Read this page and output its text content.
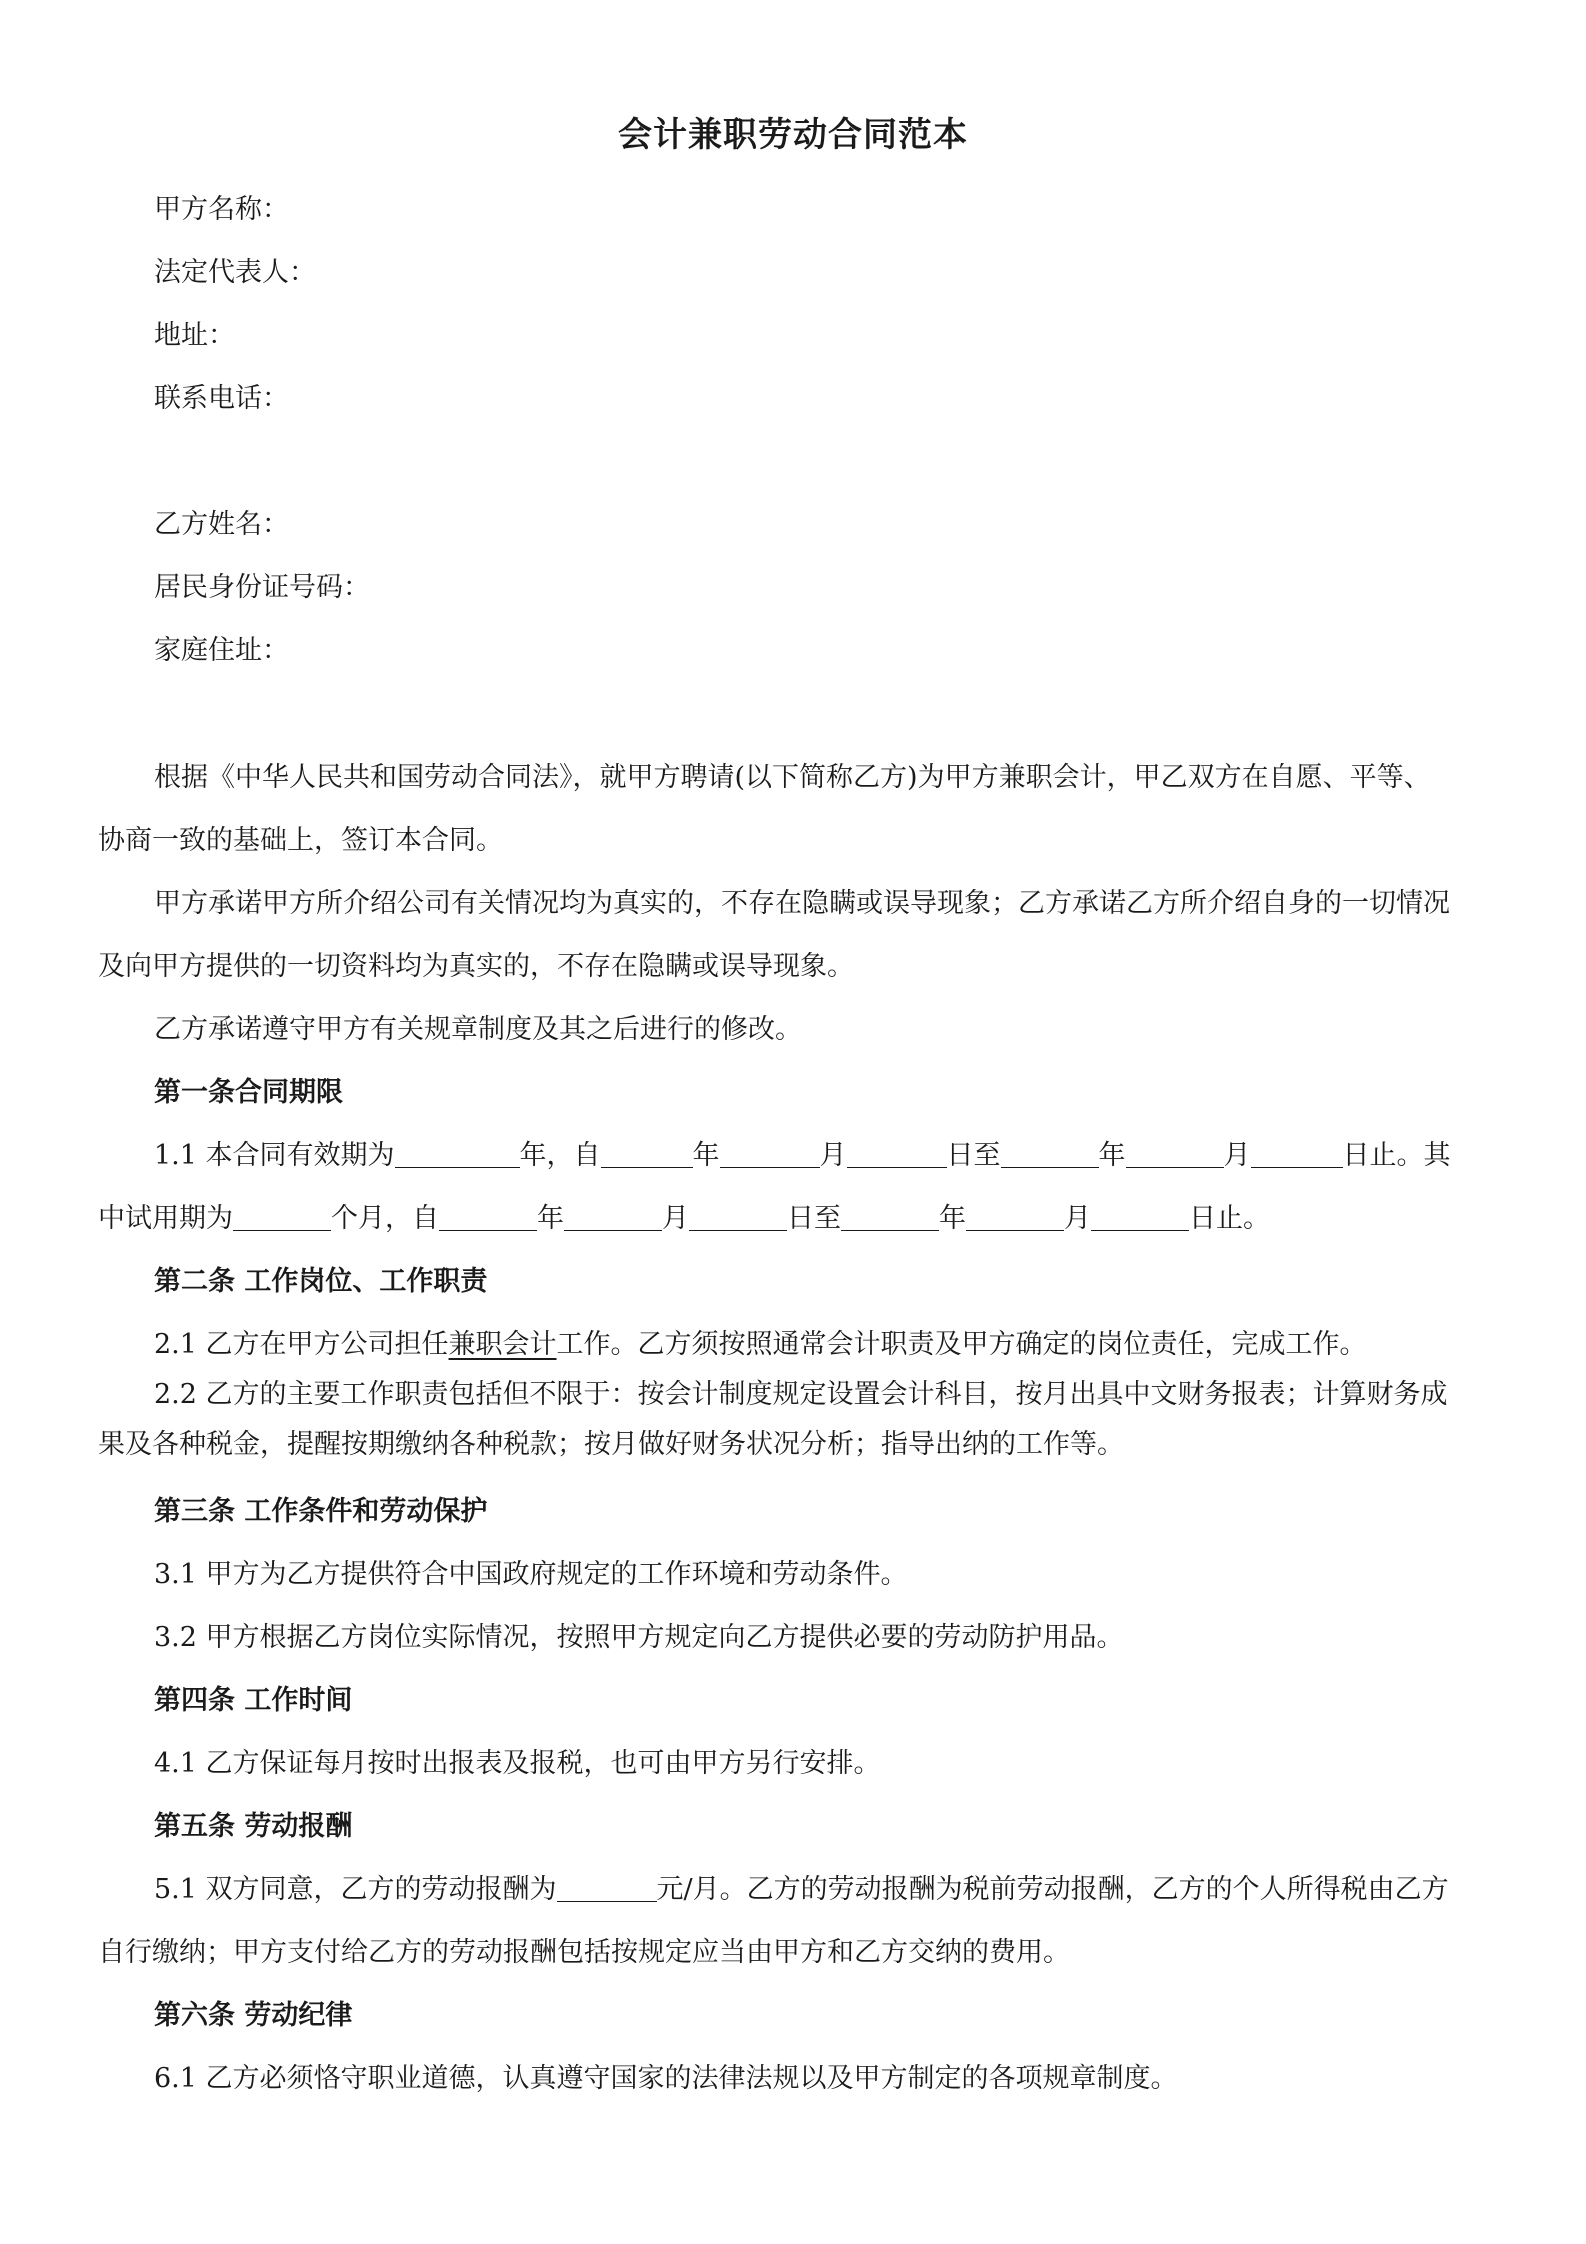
会计兼职劳动合同范本
甲方名称：
法定代表人：
地址：
联系电话：
乙方姓名：
居民身份证号码：
家庭住址：
根据《中华人民共和国劳动合同法》，就甲方聘请(以下简称乙方)为甲方兼职会计，甲乙双方在自愿、平等、
协商一致的基础上，签订本合同。
甲方承诺甲方所介绍公司有关情况均为真实的，不存在隐瞒或误导现象；乙方承诺乙方所介绍自身的一切情况
及向甲方提供的一切资料均为真实的，不存在隐瞒或误导现象。
乙方承诺遵守甲方有关规章制度及其之后进行的修改。
第一条合同期限
1.1 本合同有效期为	年，自	年	月	日至	年	月	日止。其
中试用期为	个月，自	年	月	日至	年	月	日止。
第二条 工作岗位、工作职责
2.1 乙方在甲方公司担任兼职会计工作。乙方须按照通常会计职责及甲方确定的岗位责任，完成工作。
2.2 乙方的主要工作职责包括但不限于：按会计制度规定设置会计科目，按月出具中文财务报表；计算财务成
果及各种税金，提醒按期缴纳各种税款；按月做好财务状况分析；指导出纳的工作等。
第三条 工作条件和劳动保护
3.1 甲方为乙方提供符合中国政府规定的工作环境和劳动条件。
3.2 甲方根据乙方岗位实际情况，按照甲方规定向乙方提供必要的劳动防护用品。
第四条 工作时间
4.1 乙方保证每月按时出报表及报税，也可由甲方另行安排。
第五条 劳动报酬
5.1 双方同意，乙方的劳动报酬为	元/月。乙方的劳动报酬为税前劳动报酬，乙方的个人所得税由乙方
自行缴纳；甲方支付给乙方的劳动报酬包括按规定应当由甲方和乙方交纳的费用。
第六条 劳动纪律
6.1 乙方必须恪守职业道德，认真遵守国家的法律法规以及甲方制定的各项规章制度。
